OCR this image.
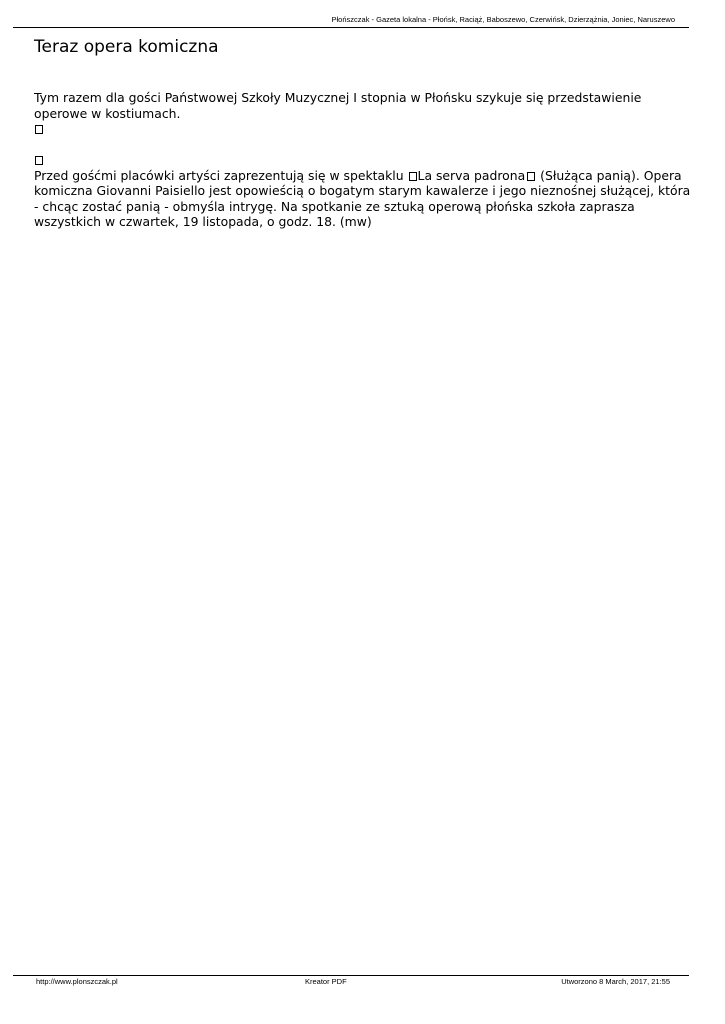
Płońszczak - Gazeta lokalna - Płońsk, Raciąż, Baboszewo, Czerwińsk, Dzierzążnia, Joniec, Naruszewo
Teraz opera komiczna

Tym razem dla gości Państwowej Szkoły Muzycznej I stopnia w Płońsku szykuje się przedstawienie operowe w kostiumach.

Przed gośćmi placówki artyści zaprezentują się w spektaklu La serva padrona (Służąca panią). Opera komiczna Giovanni Paisiello jest opowieścią o bogatym starym kawalerze i jego nieznośnej służącej, która - chcąc zostać panią - obmyśla intrygę. Na spotkanie ze sztuką operową płońska szkoła zaprasza wszystkich w czwartek, 19 listopada, o godz. 18. (mw)

http://www.plonszczak.pl	Kreator PDF	Utworzono 8 March, 2017, 21:55
